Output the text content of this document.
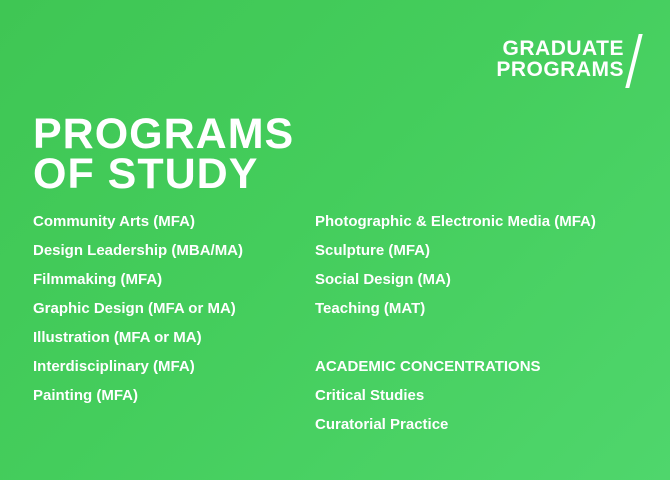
GRADUATE
PROGRAMS
PROGRAMS
OF STUDY
Community Arts (MFA)
Design Leadership (MBA/MA)
Filmmaking (MFA)
Graphic Design (MFA or MA)
Illustration (MFA or MA)
Interdisciplinary (MFA)
Painting (MFA)
Photographic & Electronic Media (MFA)
Sculpture (MFA)
Social Design (MA)
Teaching (MAT)
ACADEMIC CONCENTRATIONS
Critical Studies
Curatorial Practice
